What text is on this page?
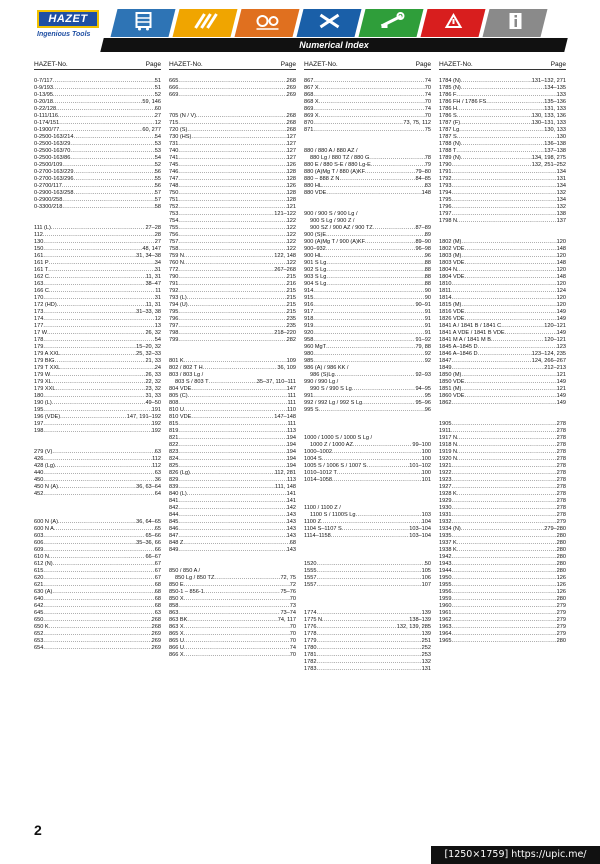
HAZET
Ingenious Tools
Numerical Index
HAZET-No.	Page
0-7/117 .....	51
0-9/193 .....	51
0-13/95 .....	52
0-20/18 .....	59, 146
0-22/128 .....	60
0-111/116 .....	27
0-174/151 .....	12
0-1900/77 .....	60, 277
0-2500-163/214 .....	54
0-2500-163/29 .....	53
0-2500-163/70 .....	53
0-2500-163/86 .....	54
0-2500/109 .....	52
0-2700-163/229 .....	56
0-2700-163/296 .....	55
0-2700/117 .....	56
0-2900-163/258 .....	57
0-2900/258 .....	57
0-3300/218 .....	58
111 (L) .....	27–28
112 .....	28
130 .....	27
150 .....	48, 147
161 .....	31, 34–38
161 P .....	34
161 T .....	31
162 C .....	11, 31
163 .....	38–47
166 C .....	11
170 .....	31
172 (HD) .....	11, 31
173 .....	31–33, 38
174 .....	12
177 .....	13
17 W .....	26, 32
178 .....	54
179 .....	15–20, 32
179 A XXL .....	25, 32–33
179 BIG .....	21, 33
179 T XXL .....	24
179 W .....	26, 33
179 XL .....	22, 32
179 XXL .....	23, 32
180 .....	31, 33
190 (L) .....	49–50
195 .....	191
196 (VDE) .....	147, 191–192
197 .....	192
198 .....	192
279 (V) .....	63
426 .....	112
428 (Lg) .....	112
440 .....	63
450 .....	36
450 N (A) .....	36, 63–64
452 .....	64
600 N (A) .....	36, 64–65
600 N A .....	65
603 .....	65–66
606 .....	35–36, 66
609 .....	66
610 N .....	66–67
612 (N) .....	67
615 .....	67
620 .....	67
621 .....	68
630 (A) .....	68
640 .....	68
642 .....	68
645 .....	63
650 .....	268
650 K .....	268
652 .....	269
653 .....	269
654 .....	269
HAZET-No.	Page
665 .....	268
666 .....	269
669 .....	269
705 (N / V) .....	268
715 .....	268
720 (S) .....	268
730 (HS) .....	127
731 .....	127
740 .....	127
741 .....	127
745 .....	126
746 .....	128
747 .....	128
748 .....	126
750 .....	128
751 .....	128
752 .....	121
753 .....	121–122
754 .....	122
755 .....	122
756 .....	122
757 .....	122
758 .....	122
759 N .....	122, 148
760 N .....	122
772 .....	267–268
790 .....	215
791 .....	216
792 .....	215
793 (L) .....	215
794 (U) .....	215
795 .....	215
796 .....	235
797 .....	235
798 .....	218–220
799 .....	282
801 K .....	109
802 / 802 T H .....	36, 109
803 / 803 Lg /
803 S / 803 T .....	35–37, 110–111
804 VDE .....	147
805 (C) .....	111
808 .....	111
810 U .....	110
810 VDE .....	147–148
815 .....	111
819 .....	113
821 .....	194
822 .....	194
823 .....	194
824 .....	194
825 .....	194
826 (Lg) .....	112, 281
829 .....	113
839 .....	111, 148
840 (L) .....	141
841 .....	141
842 .....	142
844 .....	143
845 .....	143
846 .....	143
847 .....	143
848 Z .....	68
849 .....	143
850 / 850 A /
850 Lg / 850 TZ .....	72, 75
850 E .....	72
850-1 – 856-1 .....	75–76
850 X .....	70
858 .....	73
863 .....	73–74
863 BK .....	74, 117
863 X .....	70
865 X .....	70
865 U .....	70
866 U .....	74
866 X .....	70
HAZET-No.	Page
867 .....	74
867 X .....	70
868 .....	74
868 X .....	70
869 .....	74
869 X .....	70
870 .....	73, 75, 112
871 .....	75
880 / 880 A / 880 AZ /
880 Lg / 880 TZ / 880 G .....	78
880 E / 880 S-E / 880 Lg-E .....	79
880 (A)Mg T / 880 (A)KF .....	79–80
880 – 888 Z N .....	84–85
880 HL .....	83
880 VDE .....	148
900 / 900 S / 900 Lg /
900 S Lg / 900 Z /
900 SZ / 900 AZ / 900 TZ .....	87–89
900 (S)E .....	89
900 (A)Mg T / 900 (A)KF .....	89–90
900–932 .....	96–98
900 HL .....	96
901 S Lg .....	88
902 S Lg .....	88
903 S Lg .....	88
904 S Lg .....	88
914 .....	90
915 .....	90
916 .....	90–91
917 .....	91
918 .....	91
919 .....	91
920 .....	91
958 .....	91–92
960 MgT .....	79, 88
980 .....	92
985 .....	92
986 (A) / 986 KK /
986 (S)Lg .....	92–93
990 / 990 Lg /
990 S / 990 S Lg .....	94–95
991 .....	95
992 / 992 Lg / 992 S Lg .....	95–96
995 S .....	96
1000 / 1000 S / 1000 S Lg /
1000 Z / 1000 AZ .....	99–100
1000–1002 .....	100
1004 S .....	100
1005 S / 1006 S / 1007 S .....	101–102
1010–1012 T .....	100
1014–1058 .....	101
1100 / 1100 Z /
1100 S / 1100S Lg .....	103
1100 Z .....	104
1104 S–1107 S .....	103–104
1114–1158 .....	103–104
1520 .....	50
1555 .....	105
1557 .....	106
1557 .....	107
1774 .....	139
1775 N .....	138–139
1776 .....	132, 139, 285
1778 .....	139
1779 .....	251
1780 .....	252
1781 .....	253
1782 .....	132
1783 .....	131
HAZET-No.	Page
1784 (N) .....	131–132, 271
1785 (N) .....	134–135
1786 F .....	133
1786 FH / 1786 FS .....	135–136
1786 H .....	131, 133
1786 S .....	130, 133, 136
1787 (F) .....	130–131, 133
1787 Lg .....	130, 133
1787 S .....	130
1788 (N) .....	136–138
1788 T .....	137–138
1789 (N) .....	134, 198, 275
1790 .....	132, 251–252
1791 .....	134
1792 .....	131
1793 .....	134
1794 .....	132
1795 .....	134
1796 .....	132
1797 .....	138
1798 N .....	137
1802 (M) .....	120
1802 VDE .....	148
1803 (M) .....	120
1803 VDE .....	148
1804 N .....	120
1804 VDE .....	148
1810 .....	120
1811 .....	124
1814 .....	120
1815 (M) .....	120
1816 VDE .....	149
1826 VDE .....	149
1841 A / 1841 B / 1841 C .....	120–121
1841 A VDE / 1841 B VDE .....	149
1841 M A / 1841 M B .....	120–121
1845 A–1845 D .....	123
1846 A–1846 D .....	123–124, 235
1847 .....	124, 266–267
1849 .....	212–213
1850 (M) .....	121
1850 VDE .....	149
1851 (M) .....	121
1860 VDE .....	149
1862 .....	149
1905 .....	278
1911 .....	278
1917 N .....	278
1918 N .....	278
1919 N .....	278
1920 N .....	278
1921 .....	278
1922 .....	278
1923 .....	278
1927 .....	278
1928 K .....	278
1929 .....	278
1930 .....	278
1931 .....	278
1932 .....	279
1934 (N) .....	279–280
1935 .....	280
1937 K .....	280
1938 K .....	280
1942 .....	280
1943 .....	280
1944 .....	280
1950 .....	126
1955 .....	126
1956 .....	126
1959 .....	280
1960 .....	279
1961 .....	279
1962 .....	279
1963 .....	279
1964 .....	279
1965 .....	280
2
[1250×1759] https://upic.me/
